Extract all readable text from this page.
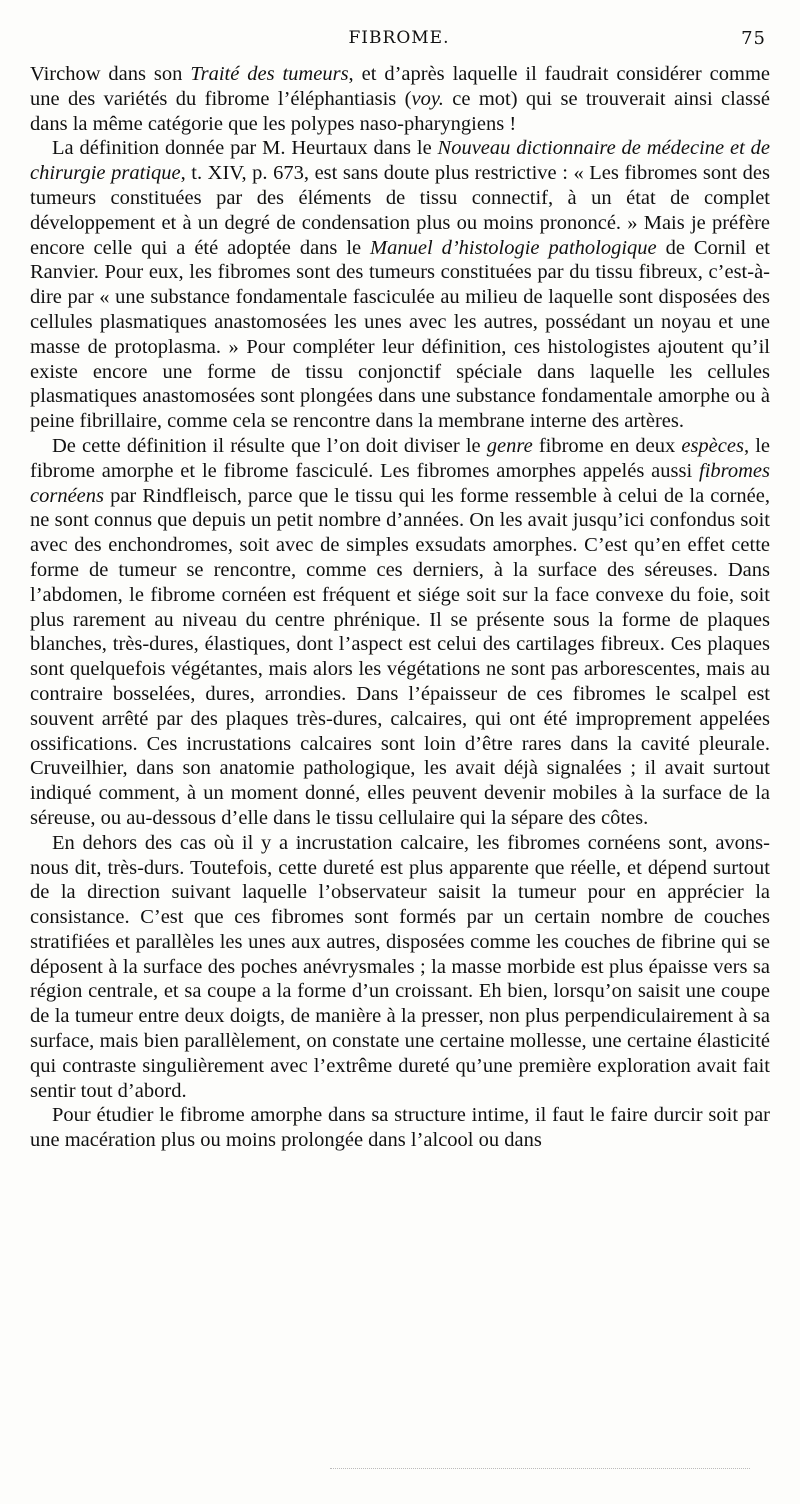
FIBROME.	75

Virchow dans son Traité des tumeurs, et d’après laquelle il faudrait considérer comme une des variétés du fibrome l’éléphantiasis (voy. ce mot) qui se trouverait ainsi classé dans la même catégorie que les polypes naso-pharyngiens !

La définition donnée par M. Heurtaux dans le Nouveau dictionnaire de médecine et de chirurgie pratique, t. XIV, p. 673, est sans doute plus restrictive : « Les fibromes sont des tumeurs constituées par des éléments de tissu connectif, à un état de complet développement et à un degré de condensation plus ou moins prononcé. » Mais je préfère encore celle qui a été adoptée dans le Manuel d’histologie pathologique de Cornil et Ranvier. Pour eux, les fibromes sont des tumeurs constituées par du tissu fibreux, c’est-à-dire par « une substance fondamentale fasciculée au milieu de laquelle sont disposées des cellules plasmatiques anastomosées les unes avec les autres, possédant un noyau et une masse de protoplasma. » Pour compléter leur définition, ces histologistes ajoutent qu’il existe encore une forme de tissu conjonctif spéciale dans laquelle les cellules plasmatiques anastomosées sont plongées dans une substance fondamentale amorphe ou à peine fibrillaire, comme cela se rencontre dans la membrane interne des artères.

De cette définition il résulte que l’on doit diviser le genre fibrome en deux espèces, le fibrome amorphe et le fibrome fasciculé. Les fibromes amorphes appelés aussi fibromes cornéens par Rindfleisch, parce que le tissu qui les forme ressemble à celui de la cornée, ne sont connus que depuis un petit nombre d’années. On les avait jusqu’ici confondus soit avec des enchondromes, soit avec de simples exsudats amorphes. C’est qu’en effet cette forme de tumeur se rencontre, comme ces derniers, à la surface des séreuses. Dans l’abdomen, le fibrome cornéen est fréquent et siége soit sur la face convexe du foie, soit plus rarement au niveau du centre phrénique. Il se présente sous la forme de plaques blanches, très-dures, élastiques, dont l’aspect est celui des cartilages fibreux. Ces plaques sont quelquefois végétantes, mais alors les végétations ne sont pas arborescentes, mais au contraire bosselées, dures, arrondies. Dans l’épaisseur de ces fibromes le scalpel est souvent arrêté par des plaques très-dures, calcaires, qui ont été improprement appelées ossifications. Ces incrustations calcaires sont loin d’être rares dans la cavité pleurale. Cruveilhier, dans son anatomie pathologique, les avait déjà signalées ; il avait surtout indiqué comment, à un moment donné, elles peuvent devenir mobiles à la surface de la séreuse, ou au-dessous d’elle dans le tissu cellulaire qui la sépare des côtes.

En dehors des cas où il y a incrustation calcaire, les fibromes cornéens sont, avons-nous dit, très-durs. Toutefois, cette dureté est plus apparente que réelle, et dépend surtout de la direction suivant laquelle l’observateur saisit la tumeur pour en apprécier la consistance. C’est que ces fibromes sont formés par un certain nombre de couches stratifiées et parallèles les unes aux autres, disposées comme les couches de fibrine qui se déposent à la surface des poches anévrysmales ; la masse morbide est plus épaisse vers sa région centrale, et sa coupe a la forme d’un croissant. Eh bien, lorsqu’on saisit une coupe de la tumeur entre deux doigts, de manière à la presser, non plus perpendiculairement à sa surface, mais bien parallèlement, on constate une certaine mollesse, une certaine élasticité qui contraste singulièrement avec l’extrême dureté qu’une première exploration avait fait sentir tout d’abord.

Pour étudier le fibrome amorphe dans sa structure intime, il faut le faire durcir soit par une macération plus ou moins prolongée dans l’alcool ou dans
